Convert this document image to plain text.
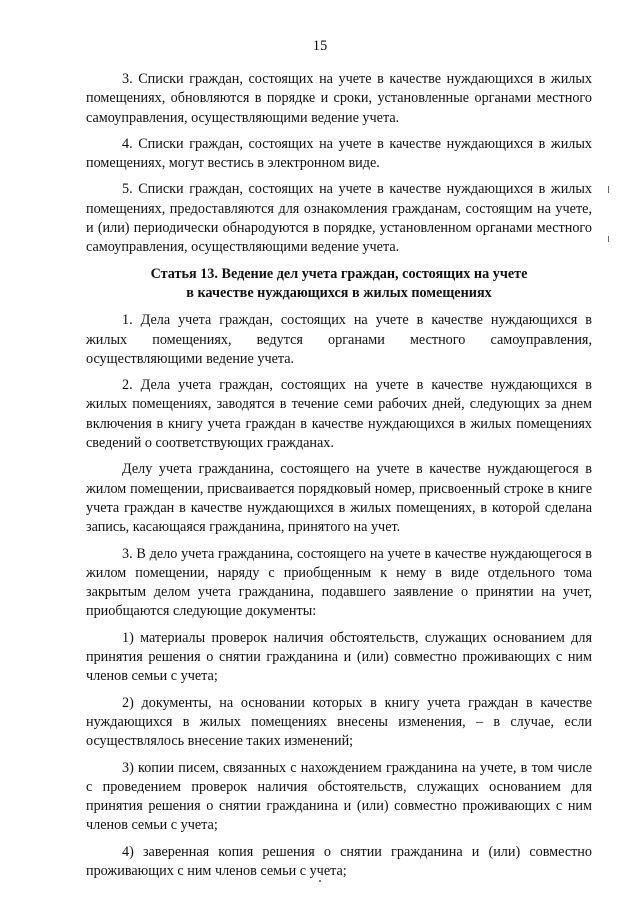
15

3. Списки граждан, состоящих на учете в качестве нуждающихся в жилых помещениях, обновляются в порядке и сроки, установленные органами местного самоуправления, осуществляющими ведение учета.

4. Списки граждан, состоящих на учете в качестве нуждающихся в жилых помещениях, могут вестись в электронном виде.

5. Списки граждан, состоящих на учете в качестве нуждающихся в жилых помещениях, предоставляются для ознакомления гражданам, состоящим на учете, и (или) периодически обнародуются в порядке, установленном органами местного самоуправления, осуществляющими ведение учета.

Статья 13. Ведение дел учета граждан, состоящих на учете
в качестве нуждающихся в жилых помещениях

1. Дела учета граждан, состоящих на учете в качестве нуждающихся в жилых помещениях, ведутся органами местного самоуправления, осуществляющими ведение учета.

2. Дела учета граждан, состоящих на учете в качестве нуждающихся в жилых помещениях, заводятся в течение семи рабочих дней, следующих за днем включения в книгу учета граждан в качестве нуждающихся в жилых помещениях сведений о соответствующих гражданах.

Делу учета гражданина, состоящего на учете в качестве нуждающегося в жилом помещении, присваивается порядковый номер, присвоенный строке в книге учета граждан в качестве нуждающихся в жилых помещениях, в которой сделана запись, касающаяся гражданина, принятого на учет.

3. В дело учета гражданина, состоящего на учете в качестве нуждающегося в жилом помещении, наряду с приобщенным к нему в виде отдельного тома закрытым делом учета гражданина, подавшего заявление о принятии на учет, приобщаются следующие документы:

1) материалы проверок наличия обстоятельств, служащих основанием для принятия решения о снятии гражданина и (или) совместно проживающих с ним членов семьи с учета;

2) документы, на основании которых в книгу учета граждан в качестве нуждающихся в жилых помещениях внесены изменения, – в случае, если осуществлялось внесение таких изменений;

3) копии писем, связанных с нахождением гражданина на учете, в том числе с проведением проверок наличия обстоятельств, служащих основанием для принятия решения о снятии гражданина и (или) совместно проживающих с ним членов семьи с учета;

4) заверенная копия решения о снятии гражданина и (или) совместно проживающих с ним членов семьи с учета;
